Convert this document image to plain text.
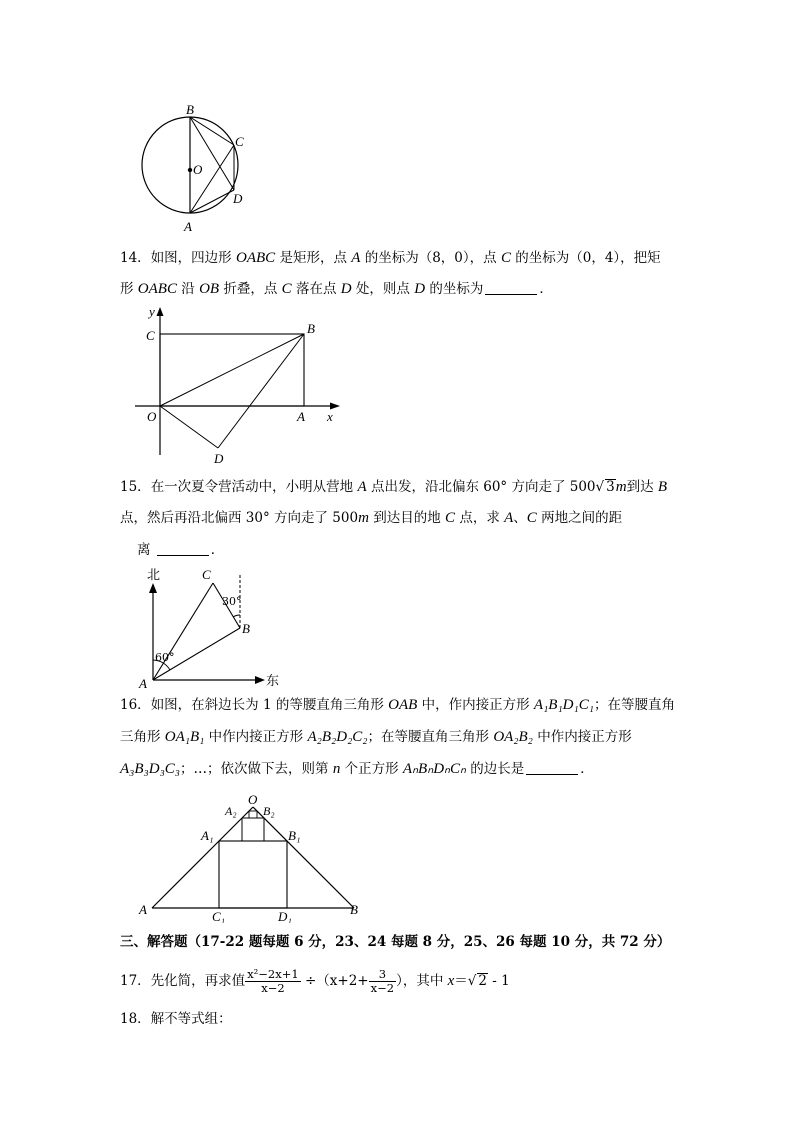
B
C
O
D
A
14．如图，四边形 OABC 是矩形，点 A 的坐标为（8，0），点 C 的坐标为（0，4），把矩
形 OABC 沿 OB 折叠，点 C 落在点 D 处，则点 D 的坐标为	．
y
C	B
O	A x
D
15．在一次夏令营活动中，小明从营地 A 点出发，沿北偏东 60° 方向走了 500√ 3m到达 B
点，然后再沿北偏西 30° 方向走了 500m 到达目的地 C 点，求 A、C 两地之间的距
离	．
北
东
C
B
A
60°
30°
16．如图，在斜边长为 1 的等腰直角三角形 OAB 中，作内接正方形 A₁B₁D₁C₁；在等腰直角
三角形 OA₁B₁ 中作内接正方形 A₂B₂D₂C₂；在等腰直角三角形 OA₂B₂ 中作内接正方形
A₃B₃D₃C₃；…；依次做下去，则第 n 个正方形 AₙBₙDₙCₙ 的边长是	．
O
A₂ B₂
A₁	B₁
A	C₁	D₁	B
三、解答题（17-22 题每题 6 分，23、24 每题 8 分，25、26 每题 10 分，共 72 分）
17．先化简，再求值 $\frac{\text{x²−2x+1}}{x-2} \div(x+2+ \frac{3}{x-2}$ ），其中 x＝√ 2 - 1
18．解不等式组：
